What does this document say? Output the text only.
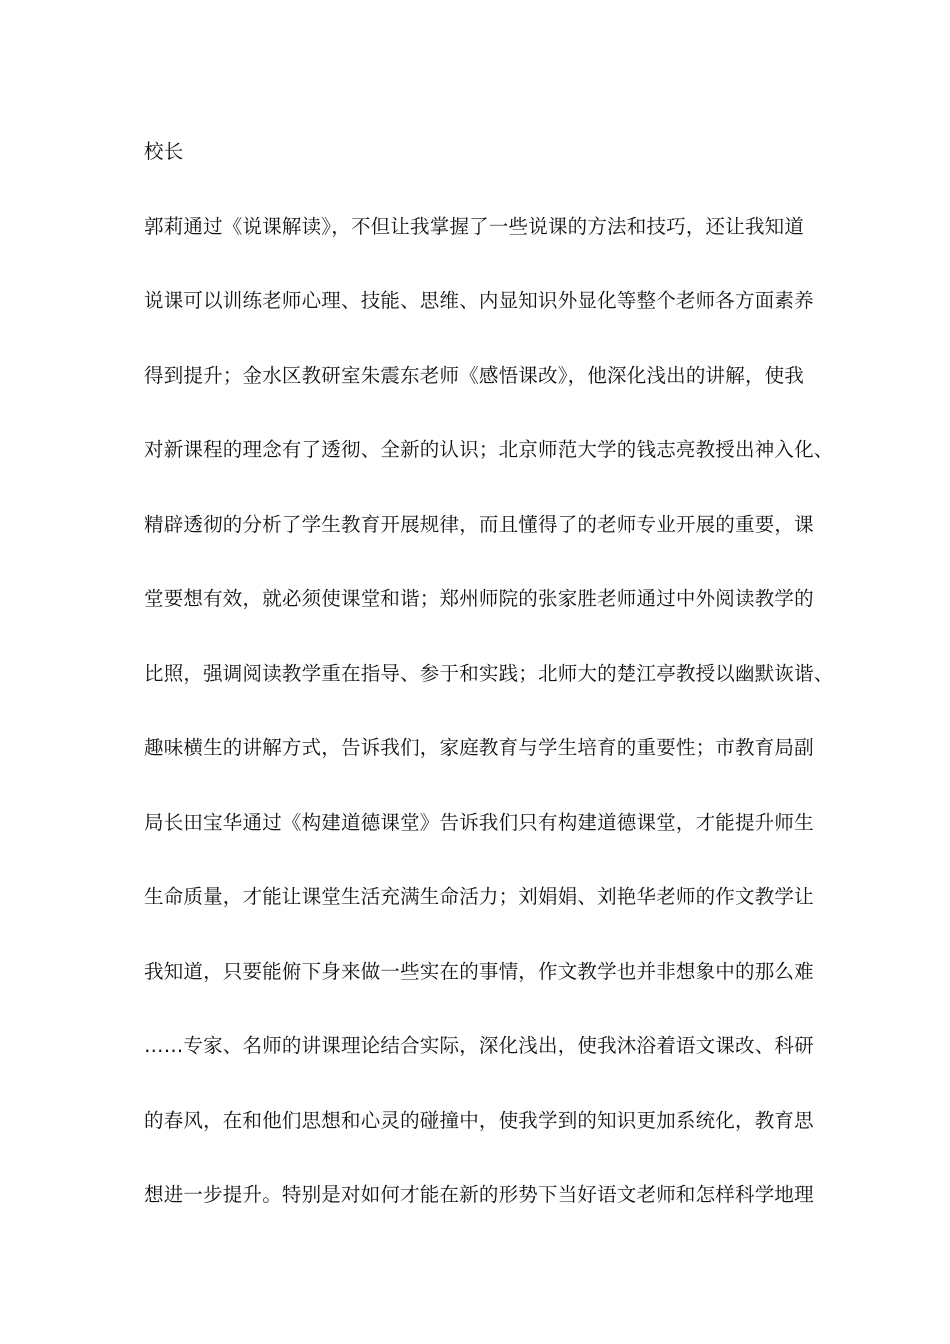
校长
郭莉通过《说课解读》，不但让我掌握了一些说课的方法和技巧，还让我知道
说课可以训练老师心理、技能、思维、内显知识外显化等整个老师各方面素养
得到提升；金水区教研室朱震东老师《感悟课改》，他深化浅出的讲解，使我
对新课程的理念有了透彻、全新的认识；北京师范大学的钱志亮教授出神入化、
精辟透彻的分析了学生教育开展规律，而且懂得了的老师专业开展的重要，课
堂要想有效，就必须使课堂和谐；郑州师院的张家胜老师通过中外阅读教学的
比照，强调阅读教学重在指导、参于和实践；北师大的楚江亭教授以幽默诙谐、
趣味横生的讲解方式，告诉我们，家庭教育与学生培育的重要性；市教育局副
局长田宝华通过《构建道德课堂》告诉我们只有构建道德课堂，才能提升师生
生命质量，才能让课堂生活充满生命活力；刘娟娟、刘艳华老师的作文教学让
我知道，只要能俯下身来做一些实在的事情，作文教学也并非想象中的那么难
……专家、名师的讲课理论结合实际，深化浅出，使我沐浴着语文课改、科研
的春风，在和他们思想和心灵的碰撞中，使我学到的知识更加系统化，教育思
想进一步提升。特别是对如何才能在新的形势下当好语文老师和怎样科学地理
